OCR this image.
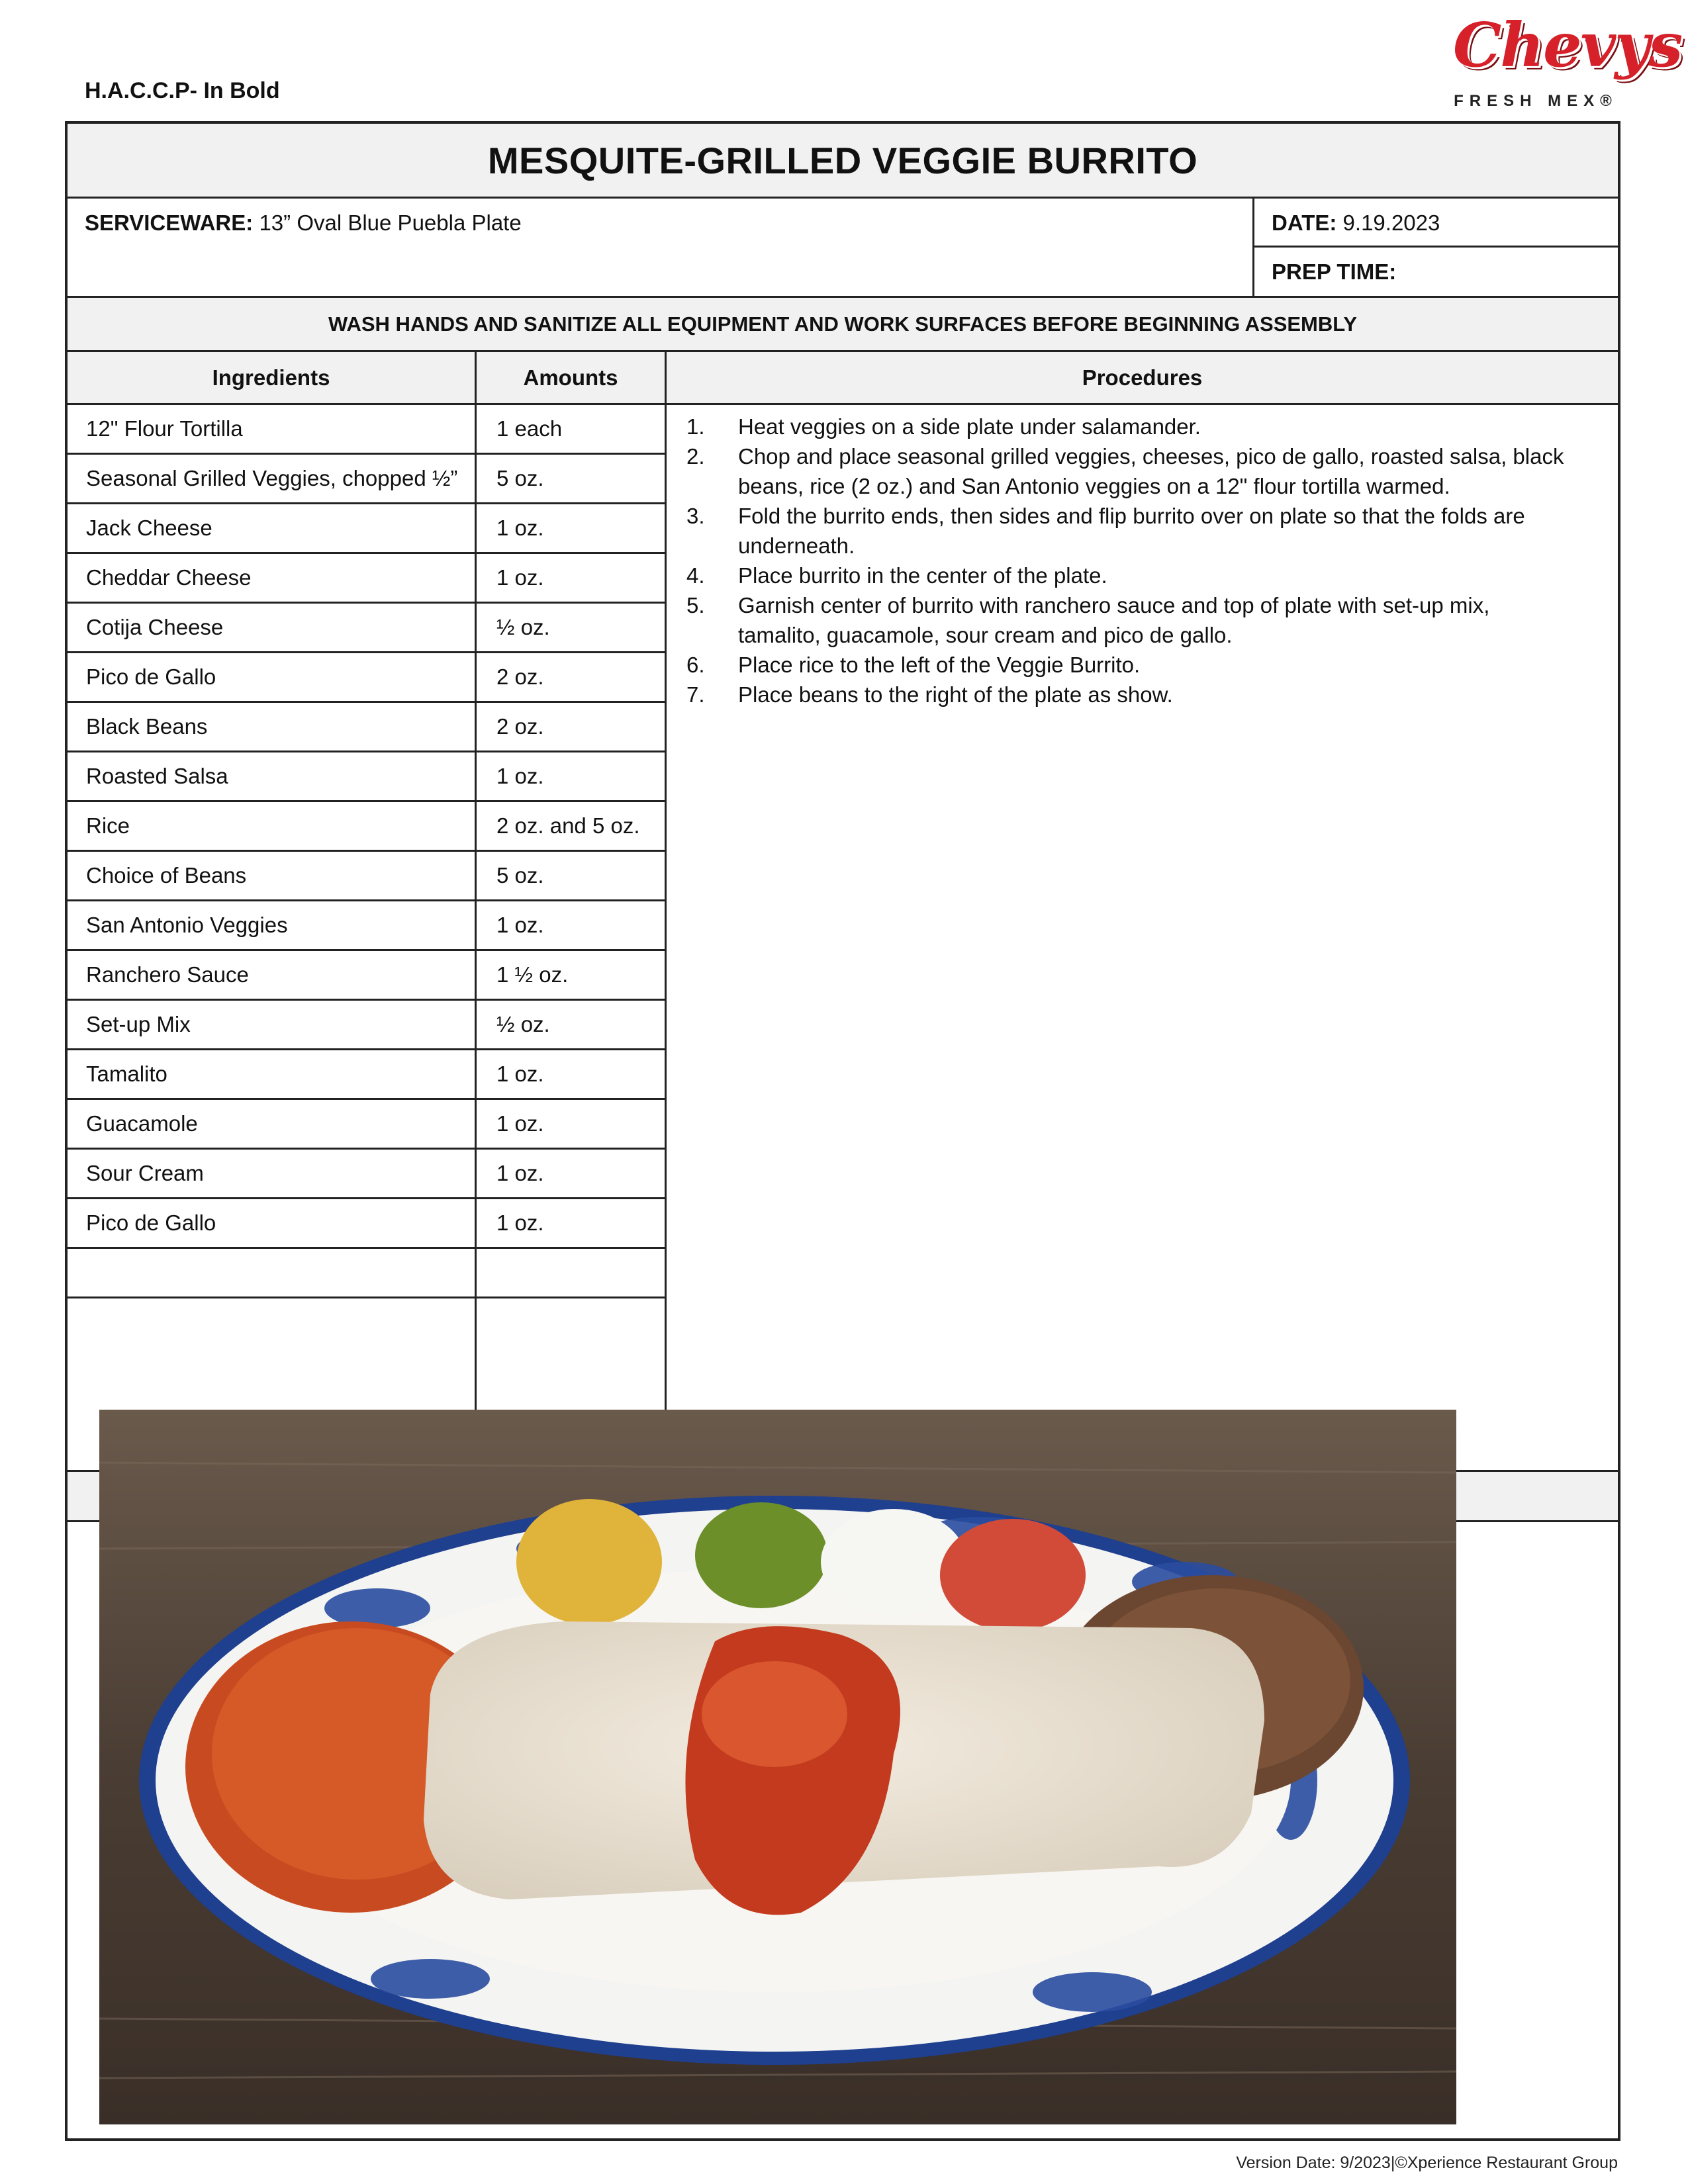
H.A.C.C.P- In Bold
Chevys
FRESH MEX®
MESQUITE-GRILLED VEGGIE BURRITO
SERVICEWARE: 13” Oval Blue Puebla Plate	DATE: 9.19.2023
PREP TIME:
WASH HANDS AND SANITIZE ALL EQUIPMENT AND WORK SURFACES BEFORE BEGINNING ASSEMBLY
Ingredients	Amounts	Procedures
12" Flour Tortilla	1 each
Seasonal Grilled Veggies, chopped ½”	5 oz.
Jack Cheese	1 oz.
Cheddar Cheese	1 oz.
Cotija Cheese	½ oz.
Pico de Gallo	2 oz.
Black Beans	2 oz.
Roasted Salsa	1 oz.
Rice	2 oz. and 5 oz.
Choice of Beans	5 oz.
San Antonio Veggies	1 oz.
Ranchero Sauce	1 ½ oz.
Set-up Mix	½ oz.
Tamalito	1 oz.
Guacamole	1 oz.
Sour Cream	1 oz.
Pico de Gallo	1 oz.
1. Heat veggies on a side plate under salamander.
2. Chop and place seasonal grilled veggies, cheeses, pico de gallo, roasted salsa, black beans, rice (2 oz.) and San Antonio veggies on a 12" flour tortilla warmed.
3. Fold the burrito ends, then sides and flip burrito over on plate so that the folds are underneath.
4. Place burrito in the center of the plate.
5. Garnish center of burrito with ranchero sauce and top of plate with set-up mix, tamalito, guacamole, sour cream and pico de gallo.
6. Place rice to the left of the Veggie Burrito.
7. Place beans to the right of the plate as show.
Version Date: 9/2023|©Xperience Restaurant Group
